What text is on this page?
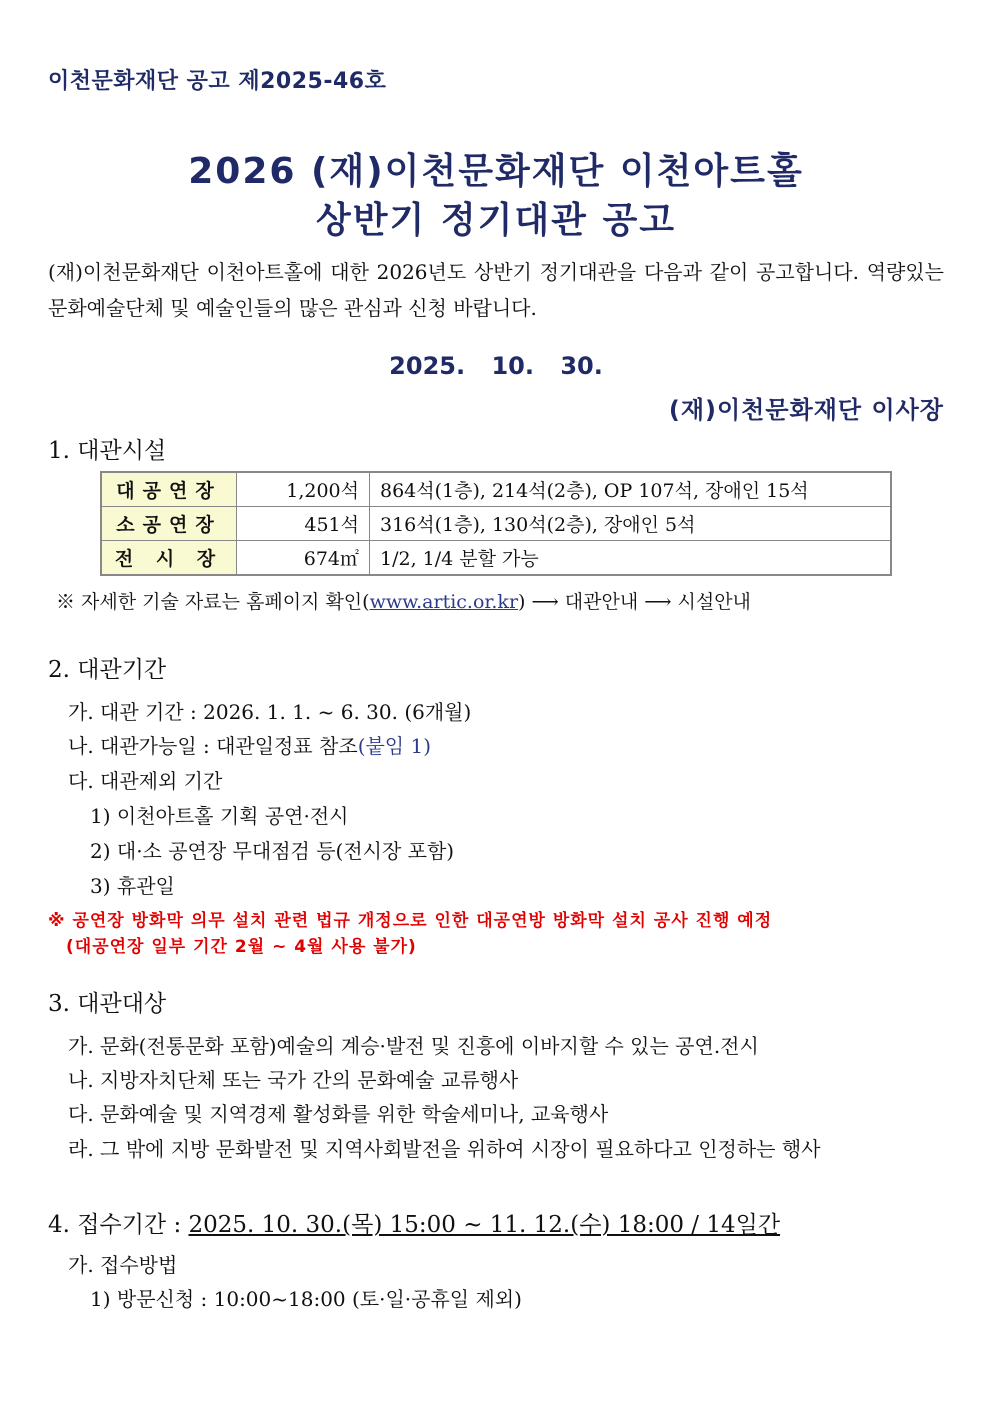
이천문화재단 공고 제2025-46호
2026 (재)이천문화재단 이천아트홀
상반기 정기대관 공고
(재)이천문화재단 이천아트홀에 대한 2026년도 상반기 정기대관을 다음과 같이 공고합니다. 역량있는 문화예술단체 및 예술인들의 많은 관심과 신청 바랍니다.
2025. 10. 30.
(재)이천문화재단 이사장
1. 대관시설
대공연장	1,200석	864석(1층), 214석(2층), OP 107석, 장애인 15석
소공연장	451석	316석(1층), 130석(2층), 장애인 5석
전 시 장	674㎡	1/2, 1/4 분할 가능
※ 자세한 기술 자료는 홈페이지 확인(www.artic.or.kr) ⟶ 대관안내 ⟶ 시설안내
2. 대관기간
가. 대관 기간 : 2026. 1. 1. ~ 6. 30. (6개월)
나. 대관가능일 : 대관일정표 참조(붙임 1)
다. 대관제외 기간
1) 이천아트홀 기획 공연·전시
2) 대·소 공연장 무대점검 등(전시장 포함)
3) 휴관일
※ 공연장 방화막 의무 설치 관련 법규 개정으로 인한 대공연방 방화막 설치 공사 진행 예정
(대공연장 일부 기간 2월 ~ 4월 사용 불가)
3. 대관대상
가. 문화(전통문화 포함)예술의 계승·발전 및 진흥에 이바지할 수 있는 공연.전시
나. 지방자치단체 또는 국가 간의 문화예술 교류행사
다. 문화예술 및 지역경제 활성화를 위한 학술세미나, 교육행사
라. 그 밖에 지방 문화발전 및 지역사회발전을 위하여 시장이 필요하다고 인정하는 행사
4. 접수기간 : 2025. 10. 30.(목) 15:00 ~ 11. 12.(수) 18:00 / 14일간
가. 접수방법
1) 방문신청 : 10:00~18:00 (토·일·공휴일 제외)
